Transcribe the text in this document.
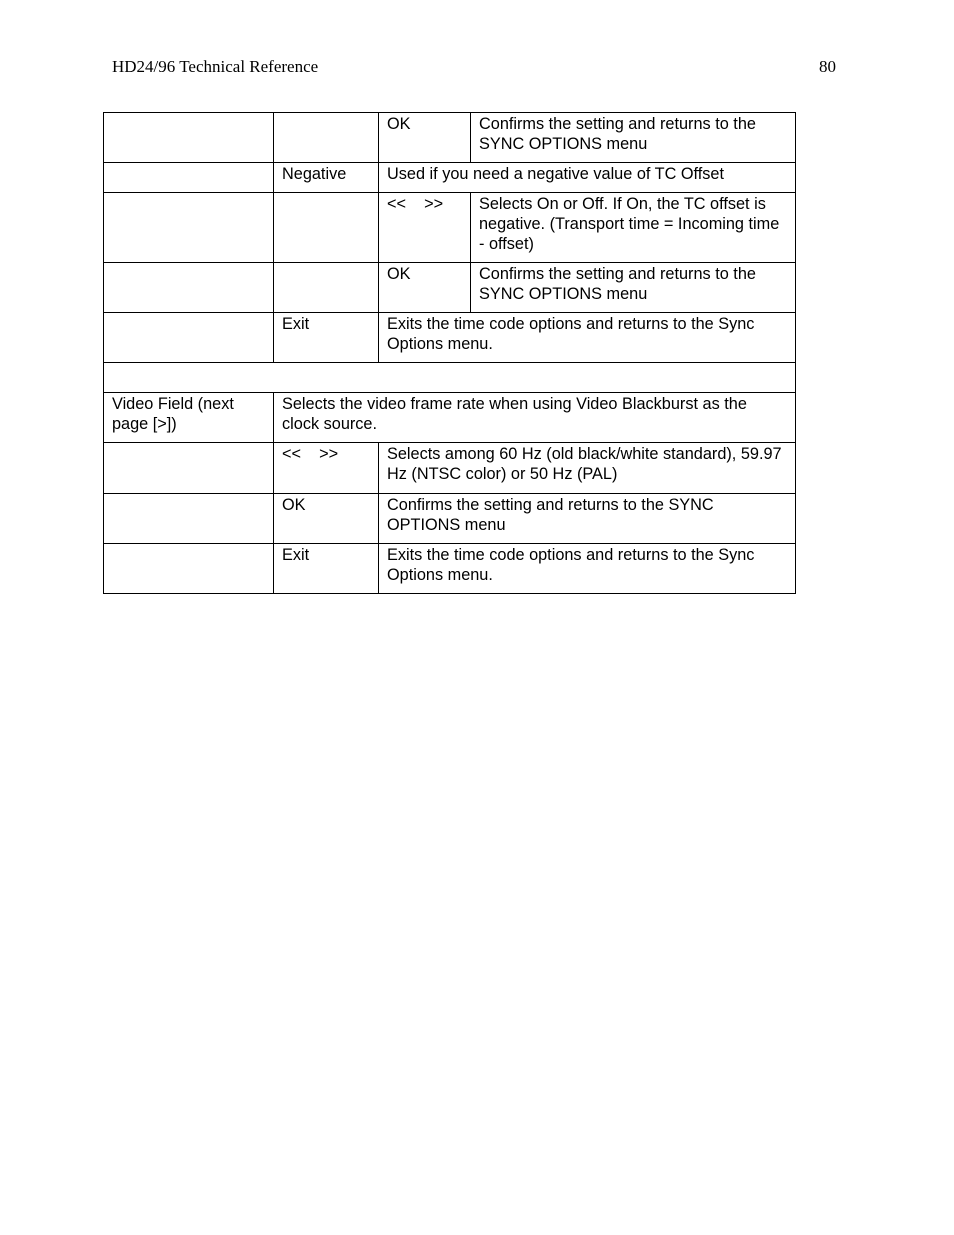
HD24/96 Technical Reference	80
		OK	Confirms the setting and returns to the SYNC OPTIONS menu
	Negative	Used if you need a negative value of TC Offset	
		<<    >>	Selects On or Off. If On, the TC offset is negative. (Transport time = Incoming time - offset)
		OK	Confirms the setting and returns to the SYNC OPTIONS menu
	Exit	Exits the time code options and returns to the Sync Options menu.	

Video Field (next page [>])	Selects the video frame rate when using Video Blackburst as the clock source.		
	<<    >>	Selects among 60 Hz (old black/white standard), 59.97 Hz (NTSC color) or 50 Hz (PAL)	
	OK	Confirms the setting and returns to the SYNC OPTIONS menu	
	Exit	Exits the time code options and returns to the Sync Options menu.	
